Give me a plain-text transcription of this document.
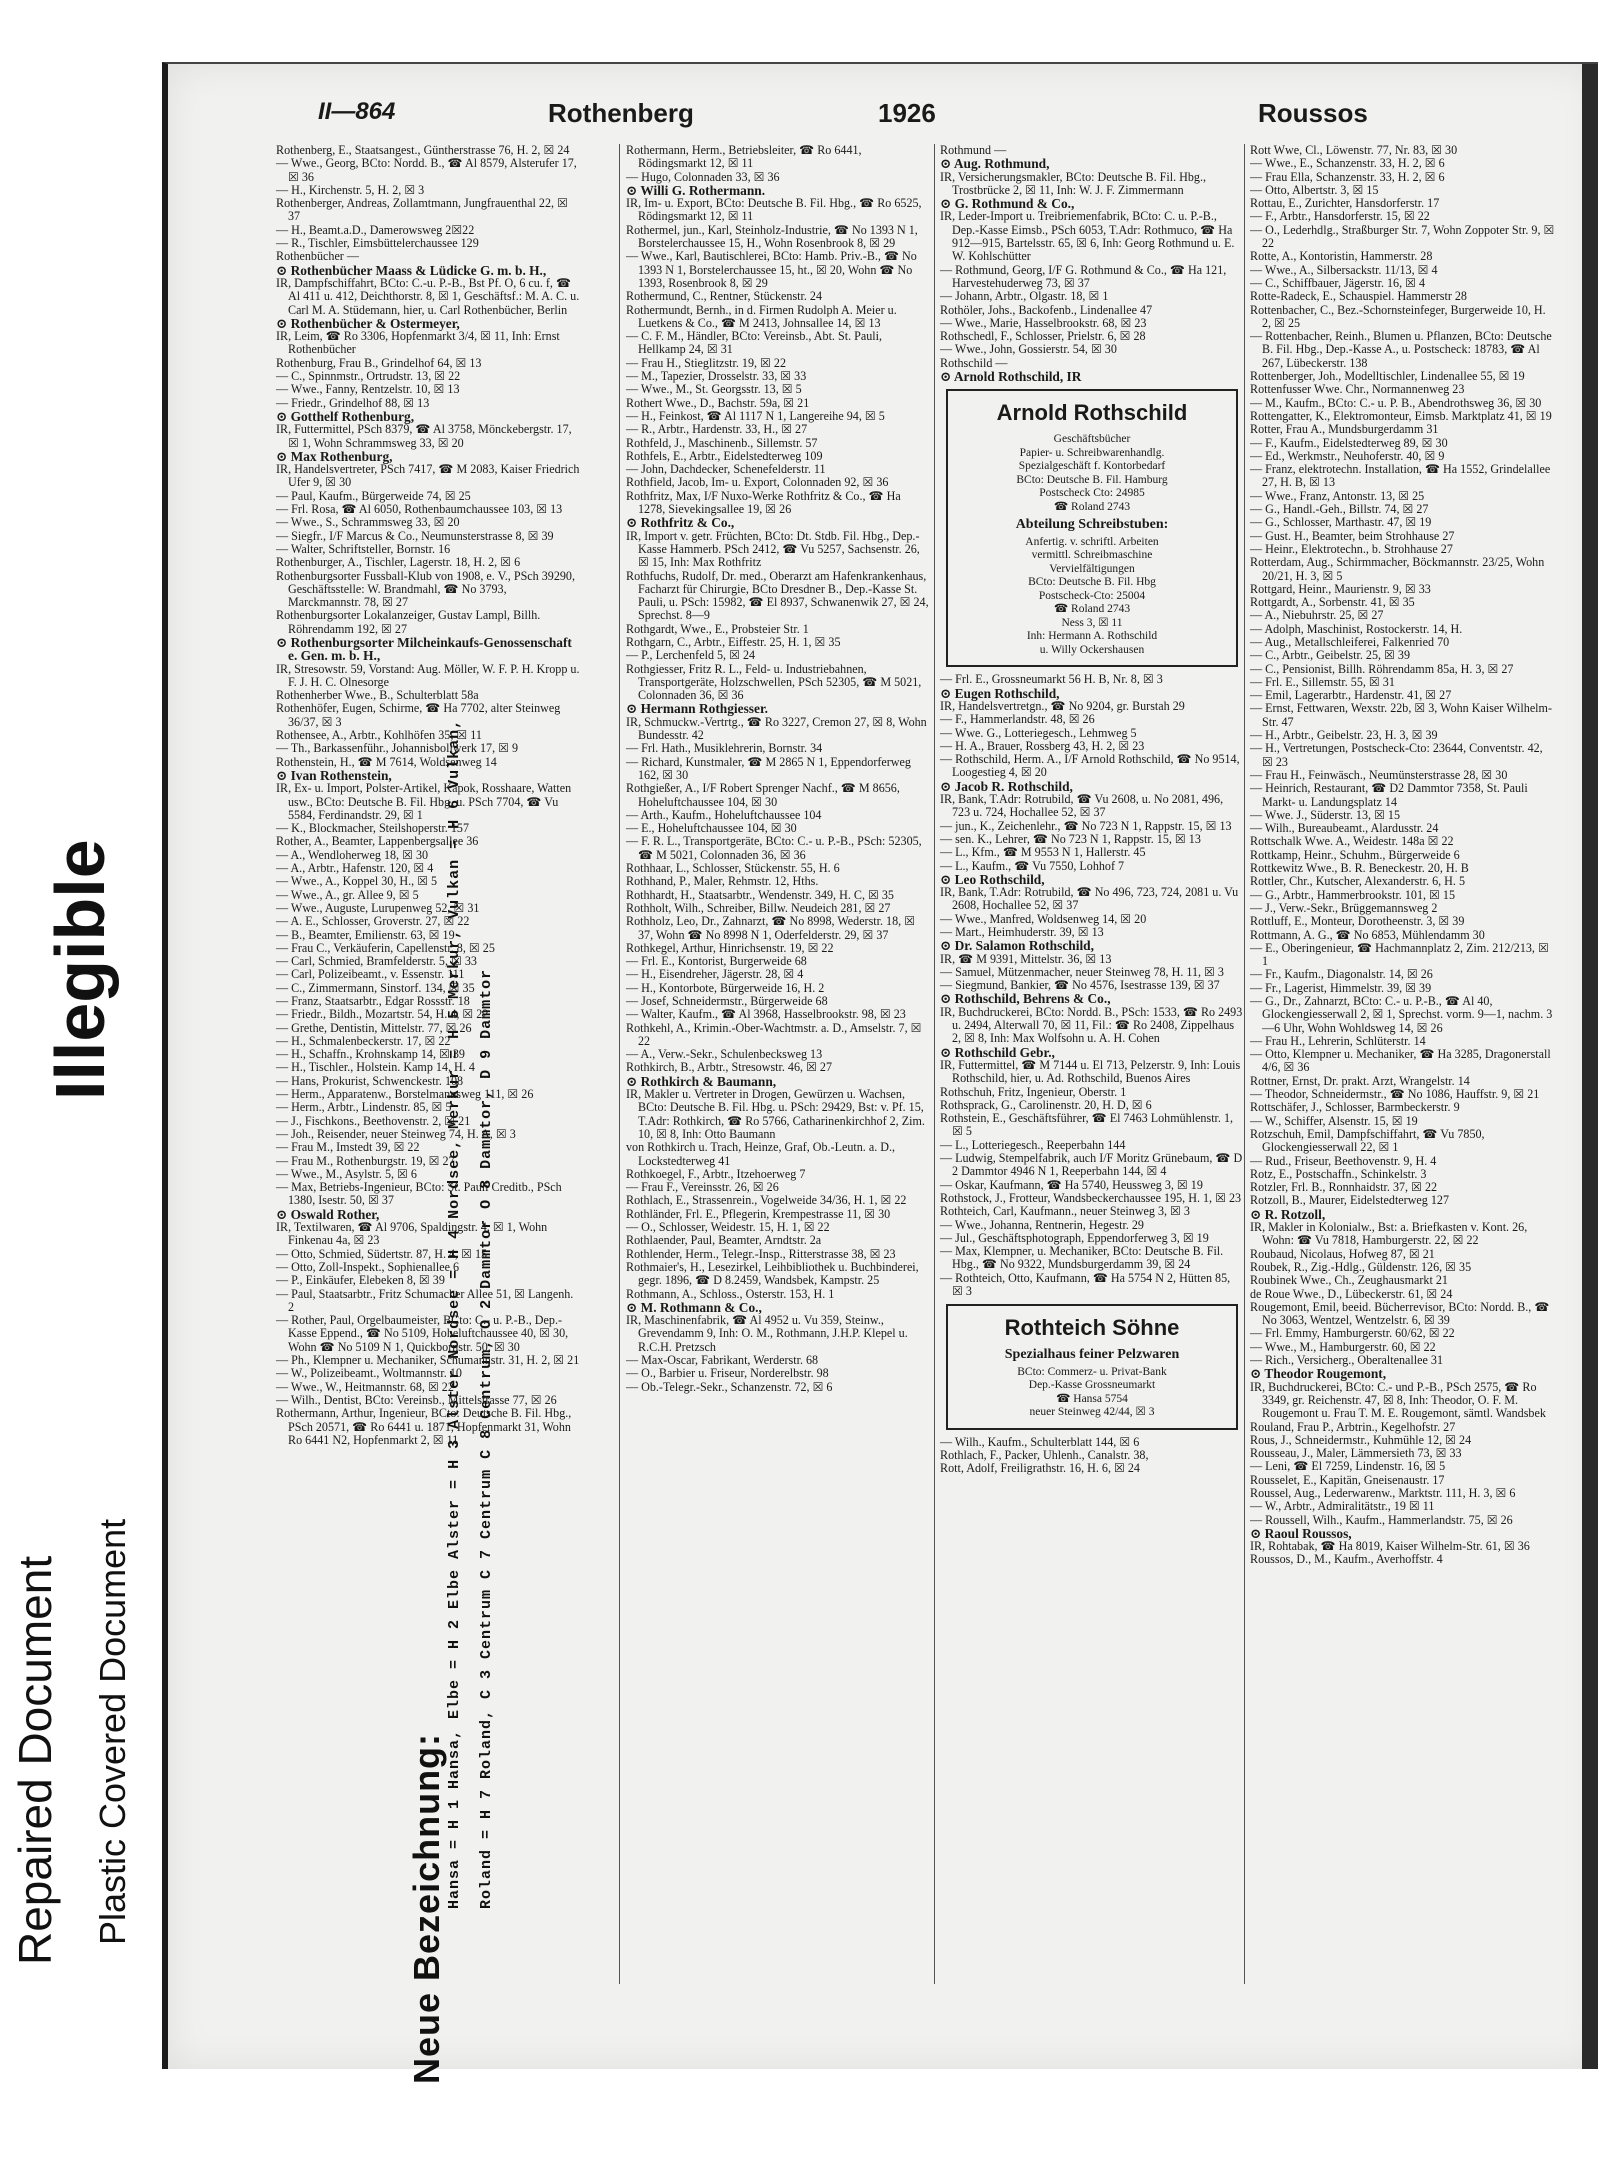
Repaired Document Plastic Covered Document
Illegible
Neue Bezeichnung: Hansa = H 1 Hansa, Elbe = H 2 Elbe Alster = H 3 Alster Nordsee = H 4 Nordsee, Merkur = H 5 Merkur, Vulkan = H 6 Vulkan, Roland = H 7 Roland, C 3 Centrum C 7 Centrum C 8 Centrum, O 2 Dammtor O 8 Dammtor, D 9 Dammtor
II—864	Rothenberg	1926	Roussos

Rothenberg, E., Staatsangest., Güntherstrasse 76, H. 2, ☒ 24

— Wwe., Georg, BCto: Nordd. B., ☎ Al 8579, Alsterufer 17, ☒ 36

— H., Kirchenstr. 5, H. 2, ☒ 3

Rothenberger, Andreas, Zollamtmann, Jungfrauenthal 22, ☒ 37

— H., Beamt.a.D., Damerowsweg 2☒22

— R., Tischler, Eimsbüttelerchaussee 129

Rothenbücher —

⊙ Rothenbücher Maass & Lüdicke G. m. b. H.,

IR, Dampfschiffahrt, BCto: C.-u. P.-B., Bst Pf. O, 6 cu. f, ☎ Al 411 u. 412, Deichthorstr. 8, ☒ 1, Geschäftsf.: M. A. C. u. Carl M. A. Stüdemann, hier, u. Carl Rothenbücher, Berlin

⊙ Rothenbücher & Ostermeyer,

IR, Leim, ☎ Ro 3306, Hopfenmarkt 3/4, ☒ 11, Inh: Ernst Rothenbücher

Rothenburg, Frau B., Grindelhof 64, ☒ 13

— C., Spinnmstr., Ortrudstr. 13, ☒ 22

— Wwe., Fanny, Rentzelstr. 10, ☒ 13

— Friedr., Grindelhof 88, ☒ 13

⊙ Gotthelf Rothenburg,

IR, Futtermittel, PSch 8379, ☎ Al 3758, Mönckebergstr. 17, ☒ 1, Wohn Schrammsweg 33, ☒ 20

⊙ Max Rothenburg,

IR, Handelsvertreter, PSch 7417, ☎ M 2083, Kaiser Friedrich Ufer 9, ☒ 30

— Paul, Kaufm., Bürgerweide 74, ☒ 25

— Frl. Rosa, ☎ Al 6050, Rothenbaumchaussee 103, ☒ 13

— Wwe., S., Schrammsweg 33, ☒ 20

— Siegfr., I/F Marcus & Co., Neumunsterstrasse 8, ☒ 39

— Walter, Schriftsteller, Bornstr. 16

Rothenburger, A., Tischler, Lagerstr. 18, H. 2, ☒ 6

Rothenburgsorter Fussball-Klub von 1908, e. V., PSch 39290, Geschäftsstelle: W. Brandmahl, ☎ No 3793, Marckmannstr. 78, ☒ 27

Rothenburgsorter Lokalanzeiger, Gustav Lampl, Billh. Röhrendamm 192, ☒ 27

⊙ Rothenburgsorter Milcheinkaufs-Genossenschaft e. Gen. m. b. H.,

IR, Stresowstr. 59, Vorstand: Aug. Möller, W. F. P. H. Kropp u. F. J. H. C. Olnesorge

Rothenherber Wwe., B., Schulterblatt 58a

Rothenhöfer, Eugen, Schirme, ☎ Ha 7702, alter Steinweg 36/37, ☒ 3

Rothensee, A., Arbtr., Kohlhöfen 35, ☒ 11

— Th., Barkassenführ., Johannisbollwerk 17, ☒ 9

Rothenstein, H., ☎ M 7614, Woldsenweg 14

⊙ Ivan Rothenstein,

IR, Ex- u. Import, Polster-Artikel, Kapok, Rosshaare, Watten usw., BCto: Deutsche B. Fil. Hbg. u. PSch 7704, ☎ Vu 5584, Ferdinandstr. 29, ☒ 1

— K., Blockmacher, Steilshoperstr. 157

Rother, A., Beamter, Lappenbergsallee 36

— A., Wendloherweg 18, ☒ 30

— A., Arbtr., Hafenstr. 120, ☒ 4

— Wwe., A., Koppel 30, H., ☒ 5

— Wwe., A., gr. Allee 9, ☒ 5

— Wwe., Auguste, Lurupenweg 52, ☒ 31

— A. E., Schlosser, Groverstr. 27, ☒ 22

— B., Beamter, Emilienstr. 63, ☒ 19

— Frau C., Verkäuferin, Capellenstr. 8, ☒ 25

— Carl, Schmied, Bramfelderstr. 5, ☒ 33

— Carl, Polizeibeamt., v. Essenstr. 111

— C., Zimmermann, Sinstorf. 134, ☒ 35

— Franz, Staatsarbtr., Edgar Rossstr. 18

— Friedr., Bildh., Mozartstr. 54, H. 4, ☒ 22

— Grethe, Dentistin, Mittelstr. 77, ☒ 26

— H., Schmalenbeckerstr. 17, ☒ 22

— H., Schaffn., Krohnskamp 14, ☒ 39

— H., Tischler., Holstein. Kamp 14, H. 4

— Hans, Prokurist, Schwenckestr. 108

— Herm., Apparatenw., Borstelmannsweg 111, ☒ 26

— Herm., Arbtr., Lindenstr. 85, ☒ 5

— J., Fischkons., Beethovenstr. 2, ☒ 21

— Joh., Reisender, neuer Steinweg 74, H. A, ☒ 3

— Frau M., Imstedt 39, ☒ 22

— Frau M., Rothenburgstr. 19, ☒ 27

— Wwe., M., Asylstr. 5, ☒ 6

— Max, Betriebs-Ingenieur, BCto: St. Pauli Creditb., PSch 1380, Isestr. 50, ☒ 37

⊙ Oswald Rother,

IR, Textilwaren, ☎ Al 9706, Spaldingstr. 4, ☒ 1, Wohn Finkenau 4a, ☒ 23

— Otto, Schmied, Südertstr. 87, H. 4, ☒ 15

— Otto, Zoll-Inspekt., Sophienallee 6

— P., Einkäufer, Elebeken 8, ☒ 39

— Paul, Staatsarbtr., Fritz Schumacher Allee 51, ☒ Langenh. 2

— Rother, Paul, Orgelbaumeister, BCto: C.- u. P.-B., Dep.-Kasse Eppend., ☎ No 5109, Hoheluftchaussee 40, ☒ 30, Wohn ☎ No 5109 N 1, Quickbornstr. 50, ☒ 30

— Ph., Klempner u. Mechaniker, Schumannstr. 31, H. 2, ☒ 21

— W., Polizeibeamt., Woltmannstr. 10

— Wwe., W., Heitmannstr. 68, ☒ 22

— Wilh., Dentist, BCto: Vereinsb., Mittelstrasse 77, ☒ 26

Rothermann, Arthur, Ingenieur, BCto: Deutsche B. Fil. Hbg., PSch 20571, ☎ Ro 6441 u. 1871, Hopfenmarkt 31, Wohn Ro 6441 N2, Hopfenmarkt 2, ☒ 11

Rothermann, Herm., Betriebsleiter, ☎ Ro 6441, Rödingsmarkt 12, ☒ 11

— Hugo, Colonnaden 33, ☒ 36

⊙ Willi G. Rothermann.

IR, Im- u. Export, BCto: Deutsche B. Fil. Hbg., ☎ Ro 6525, Rödingsmarkt 12, ☒ 11

Rothermel, jun., Karl, Steinholz-Industrie, ☎ No 1393 N 1, Borstelerchaussee 15, H., Wohn Rosenbrook 8, ☒ 29

— Wwe., Karl, Bautischlerei, BCto: Hamb. Priv.-B., ☎ No 1393 N 1, Borstelerchaussee 15, ht., ☒ 20, Wohn ☎ No 1393, Rosenbrook 8, ☒ 29

Rothermund, C., Rentner, Stückenstr. 24

Rothermundt, Bernh., in d. Firmen Rudolph A. Meier u. Luetkens & Co., ☎ M 2413, Johnsallee 14, ☒ 13

— C. F. M., Händler, BCto: Vereinsb., Abt. St. Pauli, Hellkamp 24, ☒ 31

— Frau H., Stieglitzstr. 19, ☒ 22

— M., Tapezier, Drosselstr. 33, ☒ 33

— Wwe., M., St. Georgsstr. 13, ☒ 5

Rothert Wwe., D., Bachstr. 59a, ☒ 21

— H., Feinkost, ☎ Al 1117 N 1, Langereihe 94, ☒ 5

— R., Arbtr., Hardenstr. 33, H., ☒ 27

Rothfeld, J., Maschinenb., Sillemstr. 57

Rothfels, E., Arbtr., Eidelstedterweg 109

— John, Dachdecker, Schenefelderstr. 11

Rothfield, Jacob, Im- u. Export, Colonnaden 92, ☒ 36

Rothfritz, Max, I/F Nuxo-Werke Rothfritz & Co., ☎ Ha 1278, Sievekingsallee 19, ☒ 26

⊙ Rothfritz & Co.,

IR, Import v. getr. Früchten, BCto: Dt. Stdb. Fil. Hbg., Dep.-Kasse Hammerb. PSch 2412, ☎ Vu 5257, Sachsenstr. 26, ☒ 15, Inh: Max Rothfritz

Rothfuchs, Rudolf, Dr. med., Oberarzt am Hafenkrankenhaus, Facharzt für Chirurgie, BCto Dresdner B., Dep.-Kasse St. Pauli, u. PSch: 15982, ☎ El 8937, Schwanenwik 27, ☒ 24, Sprechst. 8—9

Rothgardt, Wwe., E., Probsteier Str. 1

Rothgarn, C., Arbtr., Eiffestr. 25, H. 1, ☒ 35

— P., Lerchenfeld 5, ☒ 24

Rothgiesser, Fritz R. L., Feld- u. Industriebahnen, Transportgeräte, Holzschwellen, PSch 52305, ☎ M 5021, Colonnaden 36, ☒ 36

⊙ Hermann Rothgiesser.

IR, Schmuckw.-Vertrtg., ☎ Ro 3227, Cremon 27, ☒ 8, Wohn Bundesstr. 42

— Frl. Hath., Musiklehrerin, Bornstr. 34

— Richard, Kunstmaler, ☎ M 2865 N 1, Eppendorferweg 162, ☒ 30

Rothgießer, A., I/F Robert Sprenger Nachf., ☎ M 8656, Hoheluftchaussee 104, ☒ 30

— Arth., Kaufm., Hoheluftchaussee 104

— E., Hoheluftchaussee 104, ☒ 30

— F. R. L., Transportgeräte, BCto: C.- u. P.-B., PSch: 52305, ☎ M 5021, Colonnaden 36, ☒ 36

Rothhaar, L., Schlosser, Stückenstr. 55, H. 6

Rothhand, P., Maler, Rehmstr. 12, Hths.

Rothhardt, H., Staatsarbtr., Wendenstr. 349, H. C, ☒ 35

Rothholt, Wilh., Schreiber, Billw. Neudeich 281, ☒ 27

Rothholz, Leo, Dr., Zahnarzt, ☎ No 8998, Wederstr. 18, ☒ 37, Wohn ☎ No 8998 N 1, Oderfelderstr. 29, ☒ 37

Rothkegel, Arthur, Hinrichsenstr. 19, ☒ 22

— Frl. E., Kontorist, Burgerweide 68

— H., Eisendreher, Jägerstr. 28, ☒ 4

— H., Kontorbote, Bürgerweide 16, H. 2

— Josef, Schneidermstr., Bürgerweide 68

— Walter, Kaufm., ☎ Al 3968, Hasselbrookstr. 98, ☒ 23

Rothkehl, A., Krimin.-Ober-Wachtmstr. a. D., Amselstr. 7, ☒ 22

— A., Verw.-Sekr., Schulenbecksweg 13

Rothkirch, B., Arbtr., Stresowstr. 46, ☒ 27

⊙ Rothkirch & Baumann,

IR, Makler u. Vertreter in Drogen, Gewürzen u. Wachsen, BCto: Deutsche B. Fil. Hbg. u. PSch: 29429, Bst: v. Pf. 15, T.Adr: Rothkirch, ☎ Ro 5766, Catharinenkirchhof 2, Zim. 10, ☒ 8, Inh: Otto Baumann

von Rothkirch u. Trach, Heinze, Graf, Ob.-Leutn. a. D., Lockstedterweg 41

Rothkoegel, F., Arbtr., Itzehoerweg 7

— Frau F., Vereinsstr. 26, ☒ 26

Rothlach, E., Strassenrein., Vogelweide 34/36, H. 1, ☒ 22

Rothländer, Frl. E., Pflegerin, Krempestrasse 11, ☒ 30

— O., Schlosser, Weidestr. 15, H. 1, ☒ 22

Rothlaender, Paul, Beamter, Arndtstr. 2a

Rothlender, Herm., Telegr.-Insp., Ritterstrasse 38, ☒ 23

Rothmaier's, H., Lesezirkel, Leihbibliothek u. Buchbinderei, gegr. 1896, ☎ D 8.2459, Wandsbek, Kampstr. 25

Rothmann, A., Schloss., Osterstr. 153, H. 1

⊙ M. Rothmann & Co.,

IR, Maschinenfabrik, ☎ Al 4952 u. Vu 359, Steinw., Grevendamm 9, Inh: O. M., Rothmann, J.H.P. Klepel u. R.C.H. Pretzsch

— Max-Oscar, Fabrikant, Werderstr. 68

— O., Barbier u. Friseur, Norderelbstr. 98

— Ob.-Telegr.-Sekr., Schanzenstr. 72, ☒ 6

Rothmund —

⊙ Aug. Rothmund,

IR, Versicherungsmakler, BCto: Deutsche B. Fil. Hbg., Trostbrücke 2, ☒ 11, Inh: W. J. F. Zimmermann

⊙ G. Rothmund & Co.,

IR, Leder-Import u. Treibriemenfabrik, BCto: C. u. P.-B., Dep.-Kasse Eimsb., PSch 6053, T.Adr: Rothmuco, ☎ Ha 912—915, Bartelsstr. 65, ☒ 6, Inh: Georg Rothmund u. E. W. Kohlschütter

— Rothmund, Georg, I/F G. Rothmund & Co., ☎ Ha 121, Harvestehuderweg 73, ☒ 37

— Johann, Arbtr., Olgastr. 18, ☒ 1

Rothöler, Johs., Backofenb., Lindenallee 47

— Wwe., Marie, Hasselbrookstr. 68, ☒ 23

Rothschedl, F., Schlosser, Prielstr. 6, ☒ 28

— Wwe., John, Gossierstr. 54, ☒ 30

Rothschild —

⊙ Arnold Rothschild, IR

Arnold Rothschild
Geschäftsbücher
Papier- u. Schreibwarenhandlg.
Spezialgeschäft f. Kontorbedarf
BCto: Deutsche B. Fil. Hamburg
Postscheck Cto: 24985
☎ Roland 2743
Abteilung Schreibstuben:
Anfertig. v. schriftl. Arbeiten
vermittl. Schreibmaschine
Vervielfältigungen
BCto: Deutsche B. Fil. Hbg
Postscheck-Cto: 25004
☎ Roland 2743
Ness 3, ☒ 11
Inh: Hermann A. Rothschild
u. Willy Ockershausen

— Frl. E., Grossneumarkt 56 H. B, Nr. 8, ☒ 3

⊙ Eugen Rothschild,

IR, Handelsvertretgn., ☎ No 9204, gr. Burstah 29

— F., Hammerlandstr. 48, ☒ 26

— Wwe. G., Lotteriegesch., Lehmweg 5

— H. A., Brauer, Rossberg 43, H. 2, ☒ 23

— Rothschild, Herm. A., I/F Arnold Rothschild, ☎ No 9514, Loogestieg 4, ☒ 20

⊙ Jacob R. Rothschild,

IR, Bank, T.Adr: Rotrubild, ☎ Vu 2608, u. No 2081, 496, 723 u. 724, Hochallee 52, ☒ 37

— jun., K., Zeichenlehr., ☎ No 723 N 1, Rappstr. 15, ☒ 13

— sen. K., Lehrer, ☎ No 723 N 1, Rappstr. 15, ☒ 13

— L., Kfm., ☎ M 9553 N 1, Hallerstr. 45

— L., Kaufm., ☎ Vu 7550, Lohhof 7

⊙ Leo Rothschild,

IR, Bank, T.Adr: Rotrubild, ☎ No 496, 723, 724, 2081 u. Vu 2608, Hochallee 52, ☒ 37

— Wwe., Manfred, Woldsenweg 14, ☒ 20

— Mart., Heimhuderstr. 39, ☒ 13

⊙ Dr. Salamon Rothschild,

IR, ☎ M 9391, Mittelstr. 36, ☒ 13

— Samuel, Mützenmacher, neuer Steinweg 78, H. 11, ☒ 3

— Siegmund, Bankier, ☎ No 4576, Isestrasse 139, ☒ 37

⊙ Rothschild, Behrens & Co.,

IR, Buchdruckerei, BCto: Nordd. B., PSch: 1533, ☎ Ro 2493 u. 2494, Alterwall 70, ☒ 11, Fil.: ☎ Ro 2408, Zippelhaus 2, ☒ 8, Inh: Max Wolfsohn u. A. H. Cohen

⊙ Rothschild Gebr.,

IR, Futtermittel, ☎ M 7144 u. El 713, Pelzerstr. 9, Inh: Louis Rothschild, hier, u. Ad. Rothschild, Buenos Aires

Rothschuh, Fritz, Ingenieur, Oberstr. 1

Rothsprack, G., Carolinenstr. 20, H. D, ☒ 6

Rothstein, E., Geschäftsführer, ☎ El 7463 Lohmühlenstr. 1, ☒ 5

— L., Lotteriegesch., Reeperbahn 144

— Ludwig, Stempelfabrik, auch I/F Moritz Grünebaum, ☎ D 2 Dammtor 4946 N 1, Reeperbahn 144, ☒ 4

— Oskar, Kaufmann, ☎ Ha 5740, Heussweg 3, ☒ 19

Rothstock, J., Frotteur, Wandsbeckerchaussee 195, H. 1, ☒ 23

Rothteich, Carl, Kaufmann., neuer Steinweg 3, ☒ 3

— Wwe., Johanna, Rentnerin, Hegestr. 29

— Jul., Geschäftsphotograph, Eppendorferweg 3, ☒ 19

— Max, Klempner, u. Mechaniker, BCto: Deutsche B. Fil. Hbg., ☎ No 9322, Mundsburgerdamm 39, ☒ 24

— Rothteich, Otto, Kaufmann, ☎ Ha 5754 N 2, Hütten 85, ☒ 3

Rothteich Söhne
Spezialhaus feiner Pelzwaren
BCto: Commerz- u. Privat-Bank
Dep.-Kasse Grossneumarkt
☎ Hansa 5754
neuer Steinweg 42/44, ☒ 3

— Wilh., Kaufm., Schulterblatt 144, ☒ 6

Rothlach, F., Packer, Uhlenh., Canalstr. 38,

Rott, Adolf, Freiligrathstr. 16, H. 6, ☒ 24

Rott Wwe, Cl., Löwenstr. 77, Nr. 83, ☒ 30

— Wwe., E., Schanzenstr. 33, H. 2, ☒ 6

— Frau Ella, Schanzenstr. 33, H. 2, ☒ 6

— Otto, Albertstr. 3, ☒ 15

Rottau, E., Zurichter, Hansdorferstr. 17

— F., Arbtr., Hansdorferstr. 15, ☒ 22

— O., Lederhdlg., Straßburger Str. 7, Wohn Zoppoter Str. 9, ☒ 22

Rotte, A., Kontoristin, Hammerstr. 28

— Wwe., A., Silbersackstr. 11/13, ☒ 4

— C., Schiffbauer, Jägerstr. 16, ☒ 4

Rotte-Radeck, E., Schauspiel. Hammerstr 28

Rottenbacher, C., Bez.-Schornsteinfeger, Burgerweide 10, H. 2, ☒ 25

— Rottenbacher, Reinh., Blumen u. Pflanzen, BCto: Deutsche B. Fil. Hbg., Dep.-Kasse A., u. Postscheck: 18783, ☎ Al 267, Lübeckerstr. 138

Rottenberger, Joh., Modelltischler, Lindenallee 55, ☒ 19

Rottenfusser Wwe. Chr., Normannenweg 23

— M., Kaufm., BCto: C.- u. P. B., Abendrothsweg 36, ☒ 30

Rottengatter, K., Elektromonteur, Eimsb. Marktplatz 41, ☒ 19

Rotter, Frau A., Mundsburgerdamm 31

— F., Kaufm., Eidelstedterweg 89, ☒ 30

— Ed., Werkmstr., Neuhoferstr. 40, ☒ 9

— Franz, elektrotechn. Installation, ☎ Ha 1552, Grindelallee 27, H. B, ☒ 13

— Wwe., Franz, Antonstr. 13, ☒ 25

— G., Handl.-Geh., Billstr. 74, ☒ 27

— G., Schlosser, Marthastr. 47, ☒ 19

— Gust. H., Beamter, beim Strohhause 27

— Heinr., Elektrotechn., b. Strohhause 27

Rotterdam, Aug., Schirmmacher, Böckmannstr. 23/25, Wohn 20/21, H. 3, ☒ 5

Rottgard, Heinr., Maurienstr. 9, ☒ 33

Rottgardt, A., Sorbenstr. 41, ☒ 35

— A., Niebuhrstr. 25, ☒ 27

— Adolph, Maschinist, Rostockerstr. 14, H.

— Aug., Metallschleiferei, Falkenried 70

— C., Arbtr., Geibelstr. 25, ☒ 39

— C., Pensionist, Billh. Röhrendamm 85a, H. 3, ☒ 27

— Frl. E., Sillemstr. 55, ☒ 31

— Emil, Lagerarbtr., Hardenstr. 41, ☒ 27

— Ernst, Fettwaren, Wexstr. 22b, ☒ 3, Wohn Kaiser Wilhelm-Str. 47

— H., Arbtr., Geibelstr. 23, H. 3, ☒ 39

— H., Vertretungen, Postscheck-Cto: 23644, Conventstr. 42, ☒ 23

— Frau H., Feinwäsch., Neumünsterstrasse 28, ☒ 30

— Heinrich, Restaurant, ☎ D2 Dammtor 7358, St. Pauli Markt- u. Landungsplatz 14

— Wwe. J., Süderstr. 13, ☒ 15

— Wilh., Bureaubeamt., Alardusstr. 24

Rottschalk Wwe. A., Weidestr. 148a ☒ 22

Rottkamp, Heinr., Schuhm., Bürgerweide 6

Rottkewitz Wwe., B. R. Beneckestr. 20, H. B

Rottler, Chr., Kutscher, Alexanderstr. 6, H. 5

— G., Arbtr., Hammerbrookstr. 101, ☒ 15

— J., Verw.-Sekr., Brüggemannsweg 2

Rottluff, E., Monteur, Dorotheenstr. 3, ☒ 39

Rottmann, A. G., ☎ No 6853, Mühlendamm 30

— E., Oberingenieur, ☎ Hachmannplatz 2, Zim. 212/213, ☒ 1

— Fr., Kaufm., Diagonalstr. 14, ☒ 26

— Fr., Lagerist, Himmelstr. 39, ☒ 39

— G., Dr., Zahnarzt, BCto: C.- u. P.-B., ☎ Al 40, Glockengiesserwall 2, ☒ 1, Sprechst. vorm. 9—1, nachm. 3—6 Uhr, Wohn Wohldsweg 14, ☒ 26

— Frau H., Lehrerin, Schlüterstr. 14

— Otto, Klempner u. Mechaniker, ☎ Ha 3285, Dragonerstall 4/6, ☒ 36

Rottner, Ernst, Dr. prakt. Arzt, Wrangelstr. 14

— Theodor, Schneidermstr., ☎ No 1086, Hauffstr. 9, ☒ 21

Rottschäfer, J., Schlosser, Barmbeckerstr. 9

— W., Schiffer, Alsenstr. 15, ☒ 19

Rotzschuh, Emil, Dampfschiffahrt, ☎ Vu 7850, Glockengiesserwall 22, ☒ 1

— Rud., Friseur, Beethovenstr. 9, H. 4

Rotz, E., Postschaffn., Schinkelstr. 3

Rotzler, Frl. B., Ronnhaidstr. 37, ☒ 22

Rotzoll, B., Maurer, Eidelstedterweg 127

⊙ R. Rotzoll,

IR, Makler in Kolonialw., Bst: a. Briefkasten v. Kont. 26, Wohn: ☎ Vu 7818, Hamburgerstr. 22, ☒ 22

Roubaud, Nicolaus, Hofweg 87, ☒ 21

Roubek, R., Zig.-Hdlg., Güldenstr. 126, ☒ 35

Roubinek Wwe., Ch., Zeughausmarkt 21

de Roue Wwe., D., Lübeckerstr. 61, ☒ 24

Rougemont, Emil, beeid. Bücherrevisor, BCto: Nordd. B., ☎ No 3063, Wentzel, Wentzelstr. 6, ☒ 39

— Frl. Emmy, Hamburgerstr. 60/62, ☒ 22

— Wwe., M., Hamburgerstr. 60, ☒ 22

— Rich., Versicherg., Oberaltenallee 31

⊙ Theodor Rougemont,

IR, Buchdruckerei, BCto: C.- und P.-B., PSch 2575, ☎ Ro 3349, gr. Reichenstr. 47, ☒ 8, Inh: Theodor, O. F. M. Rougemont u. Frau T. M. E. Rougemont, sämtl. Wandsbek

Rouland, Frau P., Arbtrin., Kegelhofstr. 27

Rous, J., Schneidermstr., Kuhmühle 12, ☒ 24

Rousseau, J., Maler, Lämmersieth 73, ☒ 33

— Leni, ☎ El 7259, Lindenstr. 16, ☒ 5

Rousselet, E., Kapitän, Gneisenaustr. 17

Roussel, Aug., Lederwarenw., Marktstr. 111, H. 3, ☒ 6

— W., Arbtr., Admiralitätstr., 19 ☒ 11

— Roussell, Wilh., Kaufm., Hammerlandstr. 75, ☒ 26

⊙ Raoul Roussos,

IR, Rohtabak, ☎ Ha 8019, Kaiser Wilhelm-Str. 61, ☒ 36

Roussos, D., M., Kaufm., Averhoffstr. 4
